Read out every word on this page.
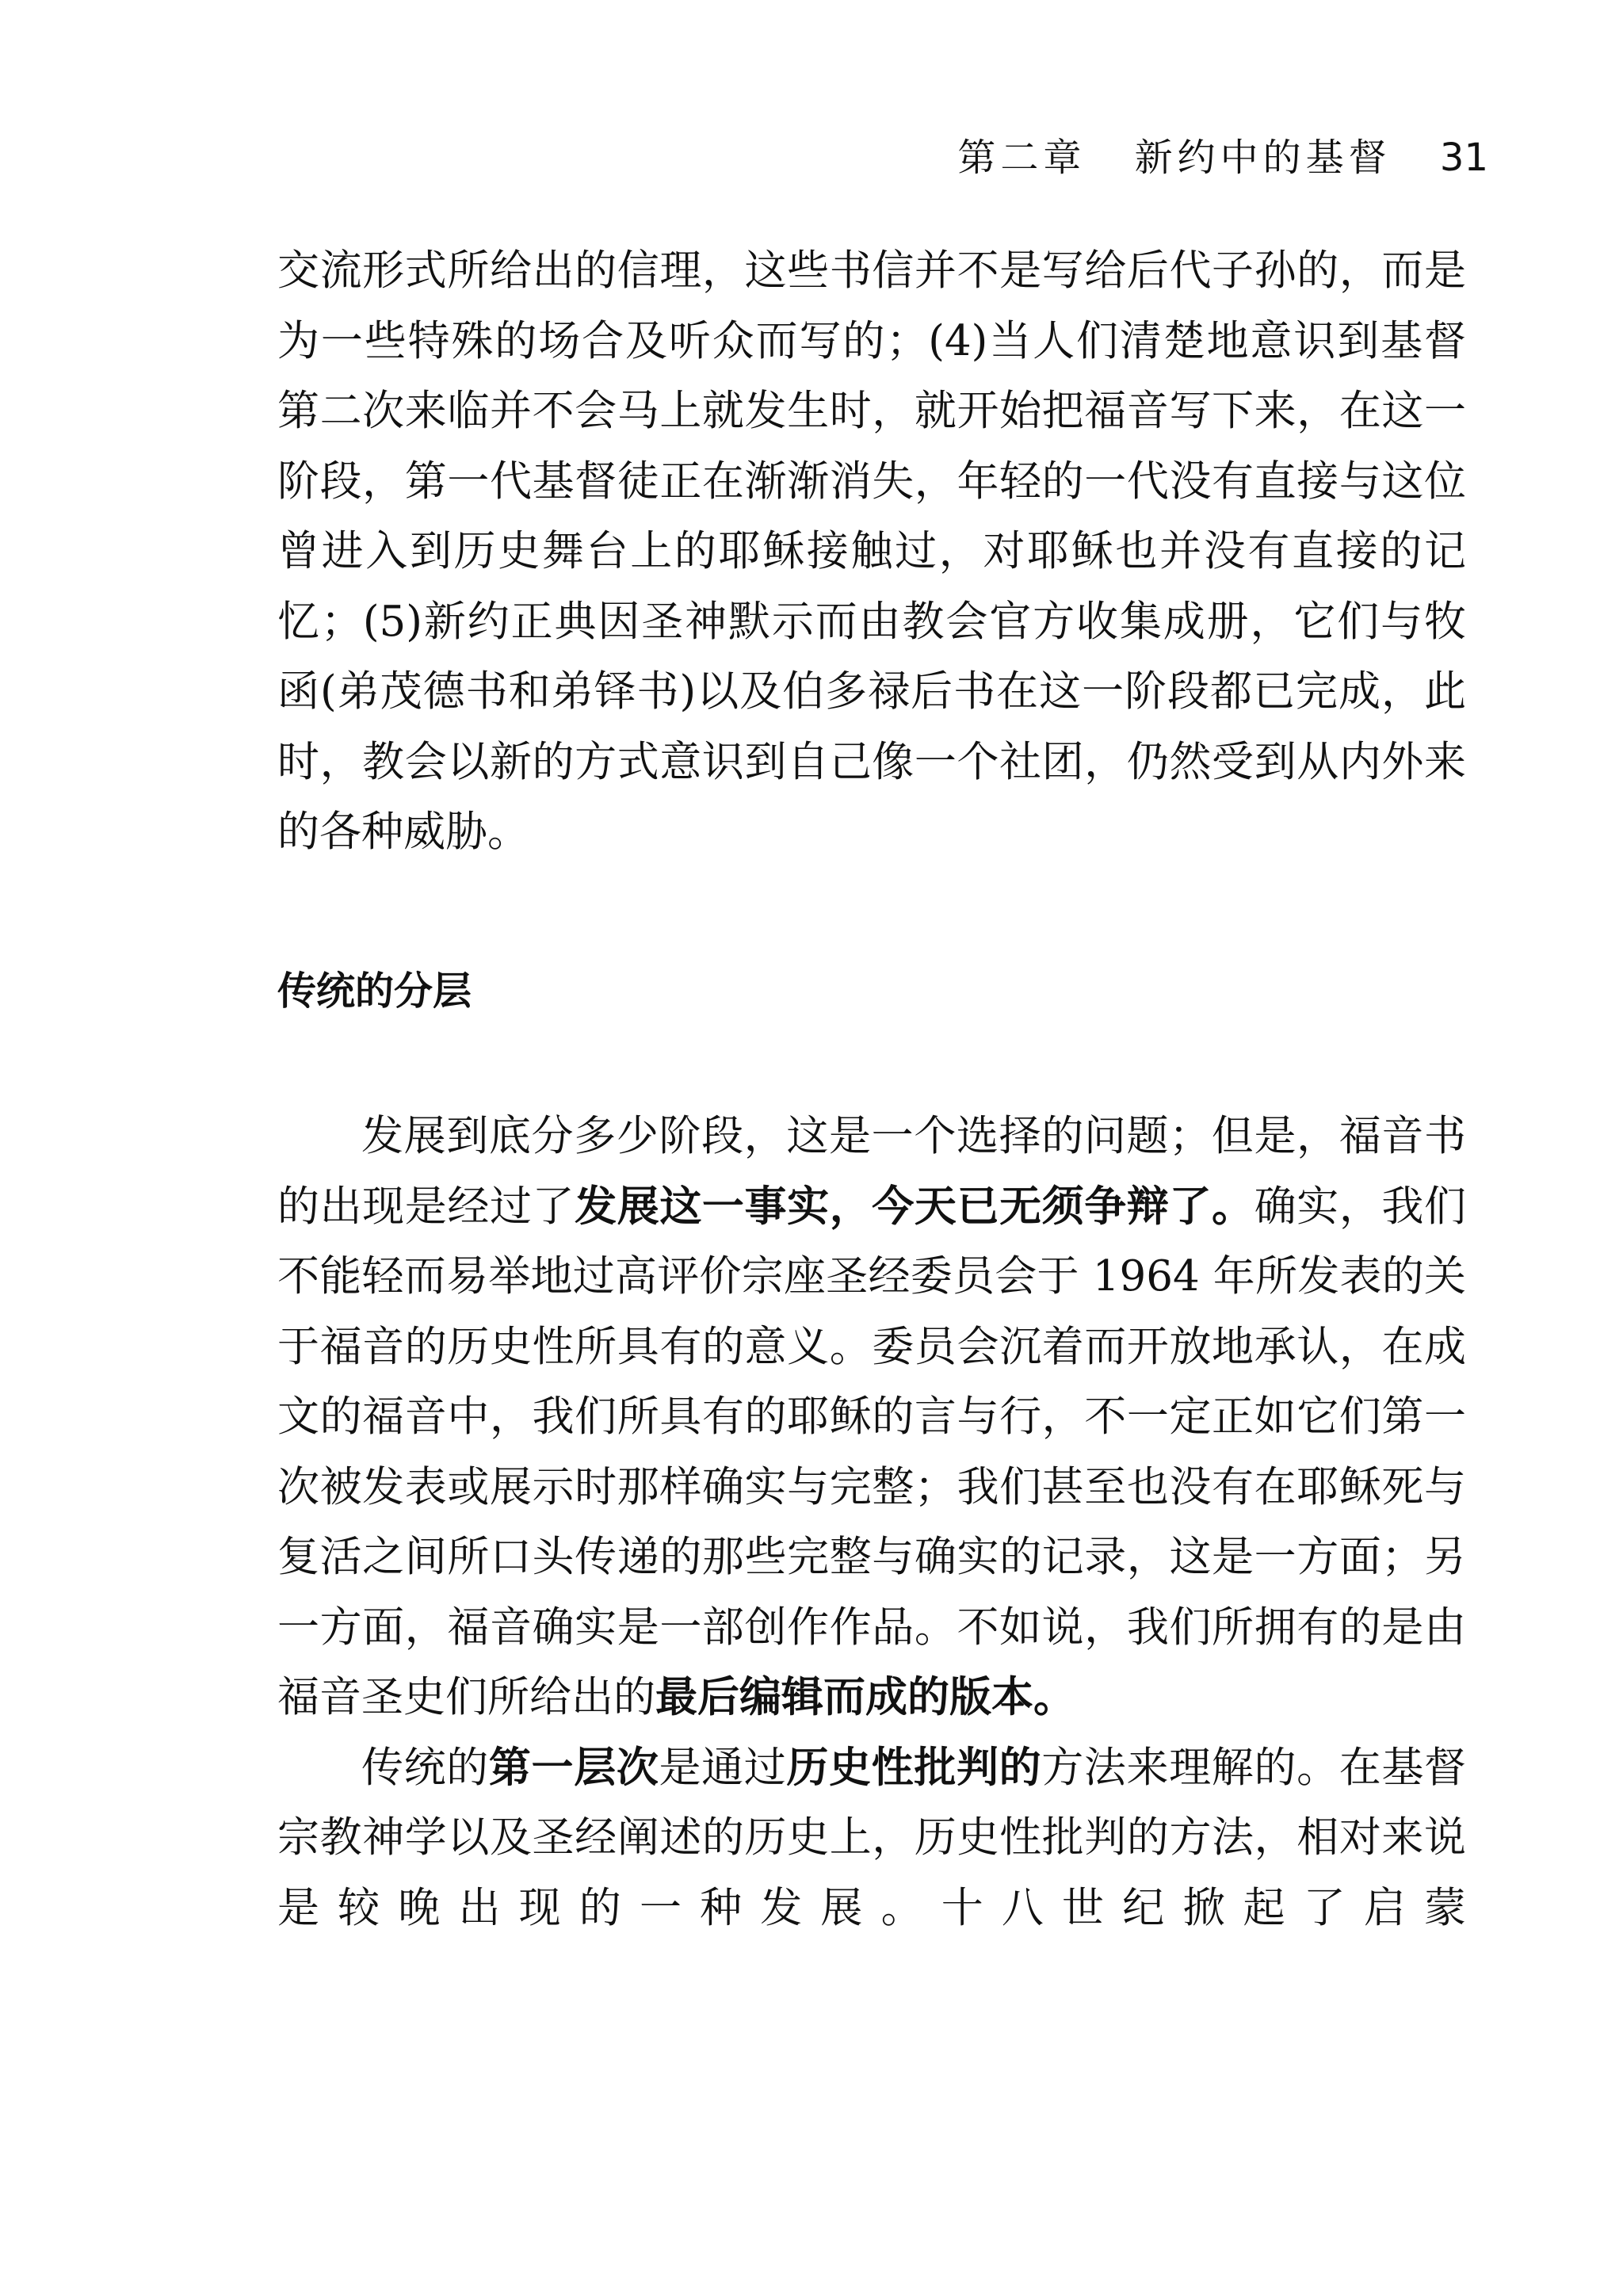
第二章 新约中的基督 31

交流形式所给出的信理，这些书信并不是写给后代子孙的，而是为一些特殊的场合及听众而写的；(4)当人们清楚地意识到基督第二次来临并不会马上就发生时，就开始把福音写下来，在这一阶段，第一代基督徒正在渐渐消失，年轻的一代没有直接与这位曾进入到历史舞台上的耶稣接触过，对耶稣也并没有直接的记忆；(5)新约正典因圣神默示而由教会官方收集成册，它们与牧函(弟茂德书和弟铎书)以及伯多禄后书在这一阶段都已完成，此时，教会以新的方式意识到自己像一个社团，仍然受到从内外来的各种威胁。

传统的分层

发展到底分多少阶段，这是一个选择的问题；但是，福音书的出现是经过了发展这一事实，今天已无须争辩了。确实，我们不能轻而易举地过高评价宗座圣经委员会于 1964 年所发表的关于福音的历史性所具有的意义。委员会沉着而开放地承认，在成文的福音中，我们所具有的耶稣的言与行，不一定正如它们第一次被发表或展示时那样确实与完整；我们甚至也没有在耶稣死与复活之间所口头传递的那些完整与确实的记录，这是一方面；另一方面，福音确实是一部创作作品。不如说，我们所拥有的是由福音圣史们所给出的最后编辑而成的版本。

传统的第一层次是通过历史性批判的方法来理解的。在基督宗教神学以及圣经阐述的历史上，历史性批判的方法，相对来说是较晚出现的一种发展。十八世纪掀起了启蒙
